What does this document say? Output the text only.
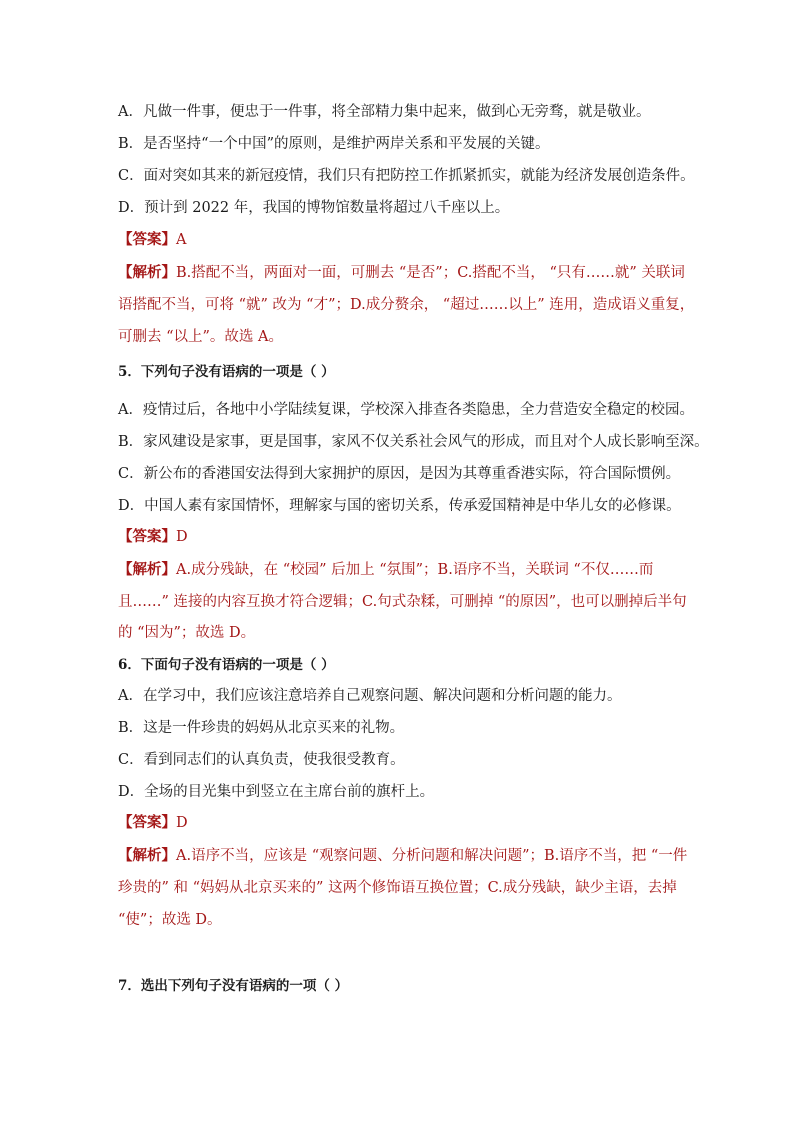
A．凡做一件事，便忠于一件事，将全部精力集中起来，做到心无旁骛，就是敬业。
B．是否坚持“一个中国”的原则，是维护两岸关系和平发展的关键。
C．面对突如其来的新冠疫情，我们只有把防控工作抓紧抓实，就能为经济发展创造条件。
D．预计到 2022 年，我国的博物馆数量将超过八千座以上。
【答案】A
【解析】B.搭配不当，两面对一面，可删去 “是否”；C.搭配不当， “只有……就” 关联词
语搭配不当，可将 “就” 改为 “才”；D.成分赘余， “超过……以上” 连用，造成语义重复，
可删去 “以上”。故选 A。
5．下列句子没有语病的一项是（ ）
A．疫情过后，各地中小学陆续复课，学校深入排查各类隐患，全力营造安全稳定的校园。
B．家风建设是家事，更是国事，家风不仅关系社会风气的形成，而且对个人成长影响至深。
C．新公布的香港国安法得到大家拥护的原因，是因为其尊重香港实际，符合国际惯例。
D．中国人素有家国情怀，理解家与国的密切关系，传承爱国精神是中华儿女的必修课。
【答案】D
【解析】A.成分残缺，在 “校园” 后加上 “氛围”；B.语序不当，关联词 “不仅……而
且……” 连接的内容互换才符合逻辑；C.句式杂糅，可删掉 “的原因”，也可以删掉后半句
的 “因为”；故选 D。
6．下面句子没有语病的一项是（ ）
A．在学习中，我们应该注意培养自己观察问题、解决问题和分析问题的能力。
B．这是一件珍贵的妈妈从北京买来的礼物。
C．看到同志们的认真负责，使我很受教育。
D．全场的目光集中到竖立在主席台前的旗杆上。
【答案】D
【解析】A.语序不当，应该是 “观察问题、分析问题和解决问题”；B.语序不当，把 “一件
珍贵的” 和 “妈妈从北京买来的” 这两个修饰语互换位置；C.成分残缺，缺少主语，去掉
“使”；故选 D。
7．选出下列句子没有语病的一项（ ）
